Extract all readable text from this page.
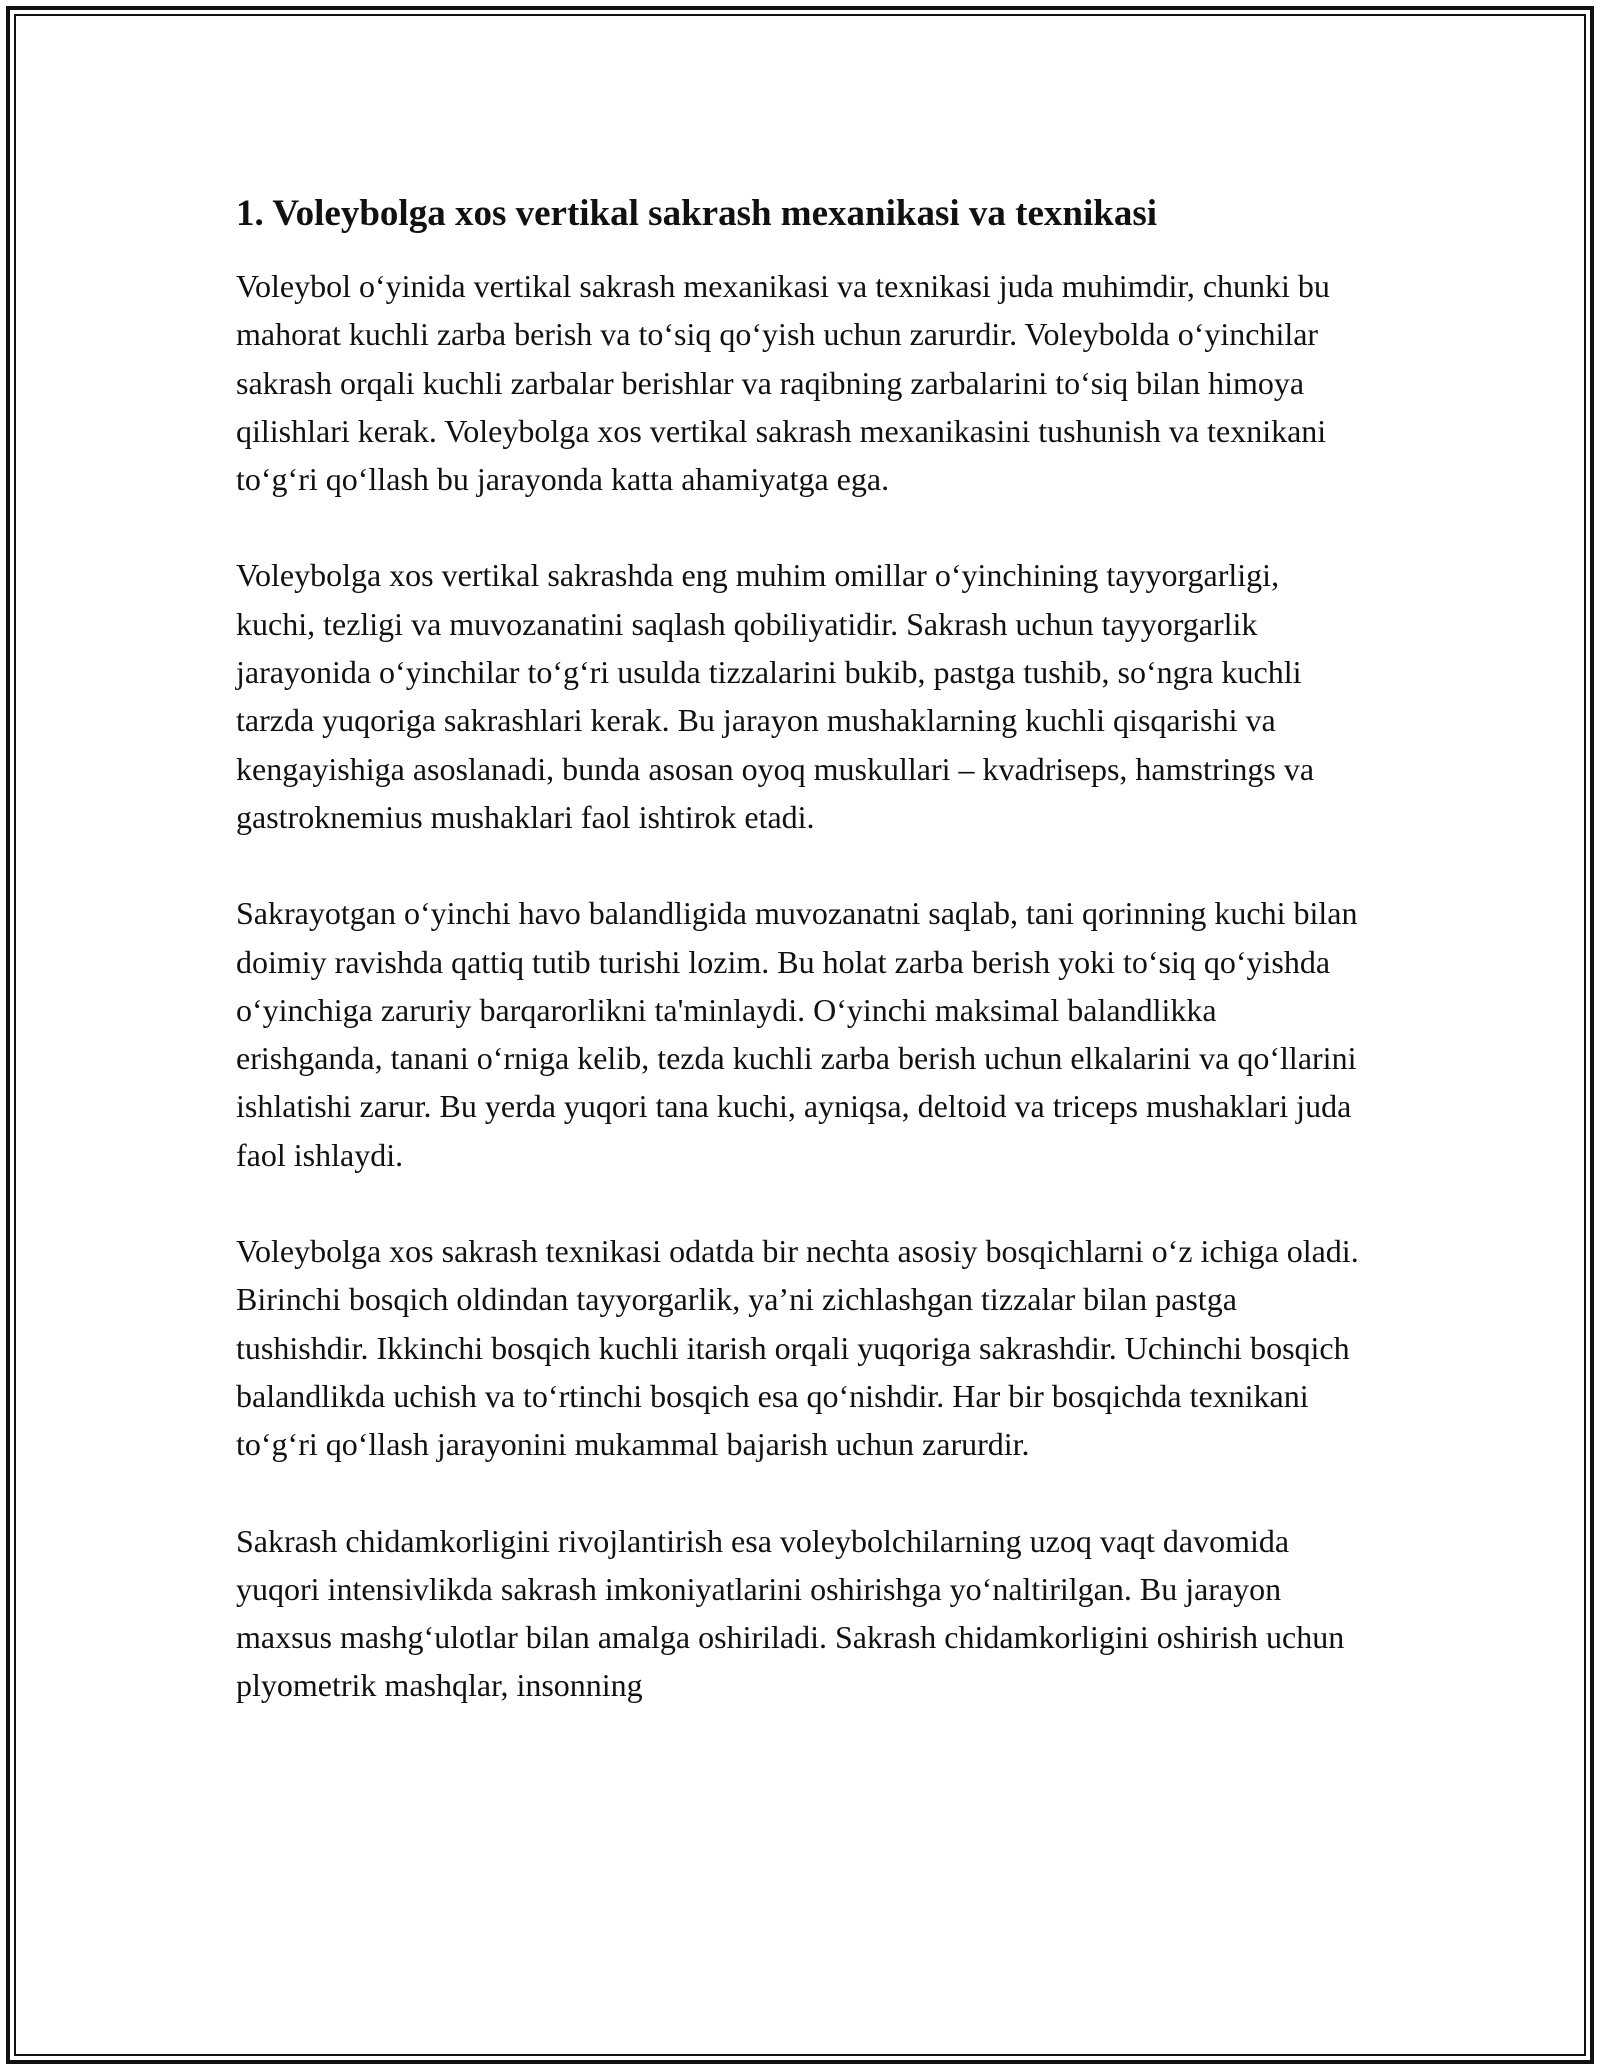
1. Voleybolga xos vertikal sakrash mexanikasi va texnikasi

Voleybol o‘yinida vertikal sakrash mexanikasi va texnikasi juda muhimdir, chunki bu mahorat kuchli zarba berish va to‘siq qo‘yish uchun zarurdir. Voleybolda o‘yinchilar sakrash orqali kuchli zarbalar berishlar va raqibning zarbalarini to‘siq bilan himoya qilishlari kerak. Voleybolga xos vertikal sakrash mexanikasini tushunish va texnikani to‘g‘ri qo‘llash bu jarayonda katta ahamiyatga ega.

Voleybolga xos vertikal sakrashda eng muhim omillar o‘yinchining tayyorgarligi, kuchi, tezligi va muvozanatini saqlash qobiliyatidir. Sakrash uchun tayyorgarlik jarayonida o‘yinchilar to‘g‘ri usulda tizzalarini bukib, pastga tushib, so‘ngra kuchli tarzda yuqoriga sakrashlari kerak. Bu jarayon mushaklarning kuchli qisqarishi va kengayishiga asoslanadi, bunda asosan oyoq muskullari – kvadriseps, hamstrings va gastroknemius mushaklari faol ishtirok etadi.

Sakrayotgan o‘yinchi havo balandligida muvozanatni saqlab, tani qorinning kuchi bilan doimiy ravishda qattiq tutib turishi lozim. Bu holat zarba berish yoki to‘siq qo‘yishda o‘yinchiga zaruriy barqarorlikni ta'minlaydi. O‘yinchi maksimal balandlikka erishganda, tanani o‘rniga kelib, tezda kuchli zarba berish uchun elkalarini va qo‘llarini ishlatishi zarur. Bu yerda yuqori tana kuchi, ayniqsa, deltoid va triceps mushaklari juda faol ishlaydi.

Voleybolga xos sakrash texnikasi odatda bir nechta asosiy bosqichlarni o‘z ichiga oladi. Birinchi bosqich oldindan tayyorgarlik, ya’ni zichlashgan tizzalar bilan pastga tushishdir. Ikkinchi bosqich kuchli itarish orqali yuqoriga sakrashdir. Uchinchi bosqich balandlikda uchish va to‘rtinchi bosqich esa qo‘nishdir. Har bir bosqichda texnikani to‘g‘ri qo‘llash jarayonini mukammal bajarish uchun zarurdir.

Sakrash chidamkorligini rivojlantirish esa voleybolchilarning uzoq vaqt davomida yuqori intensivlikda sakrash imkoniyatlarini oshirishga yo‘naltirilgan. Bu jarayon maxsus mashg‘ulotlar bilan amalga oshiriladi. Sakrash chidamkorligini oshirish uchun plyometrik mashqlar, insonning
